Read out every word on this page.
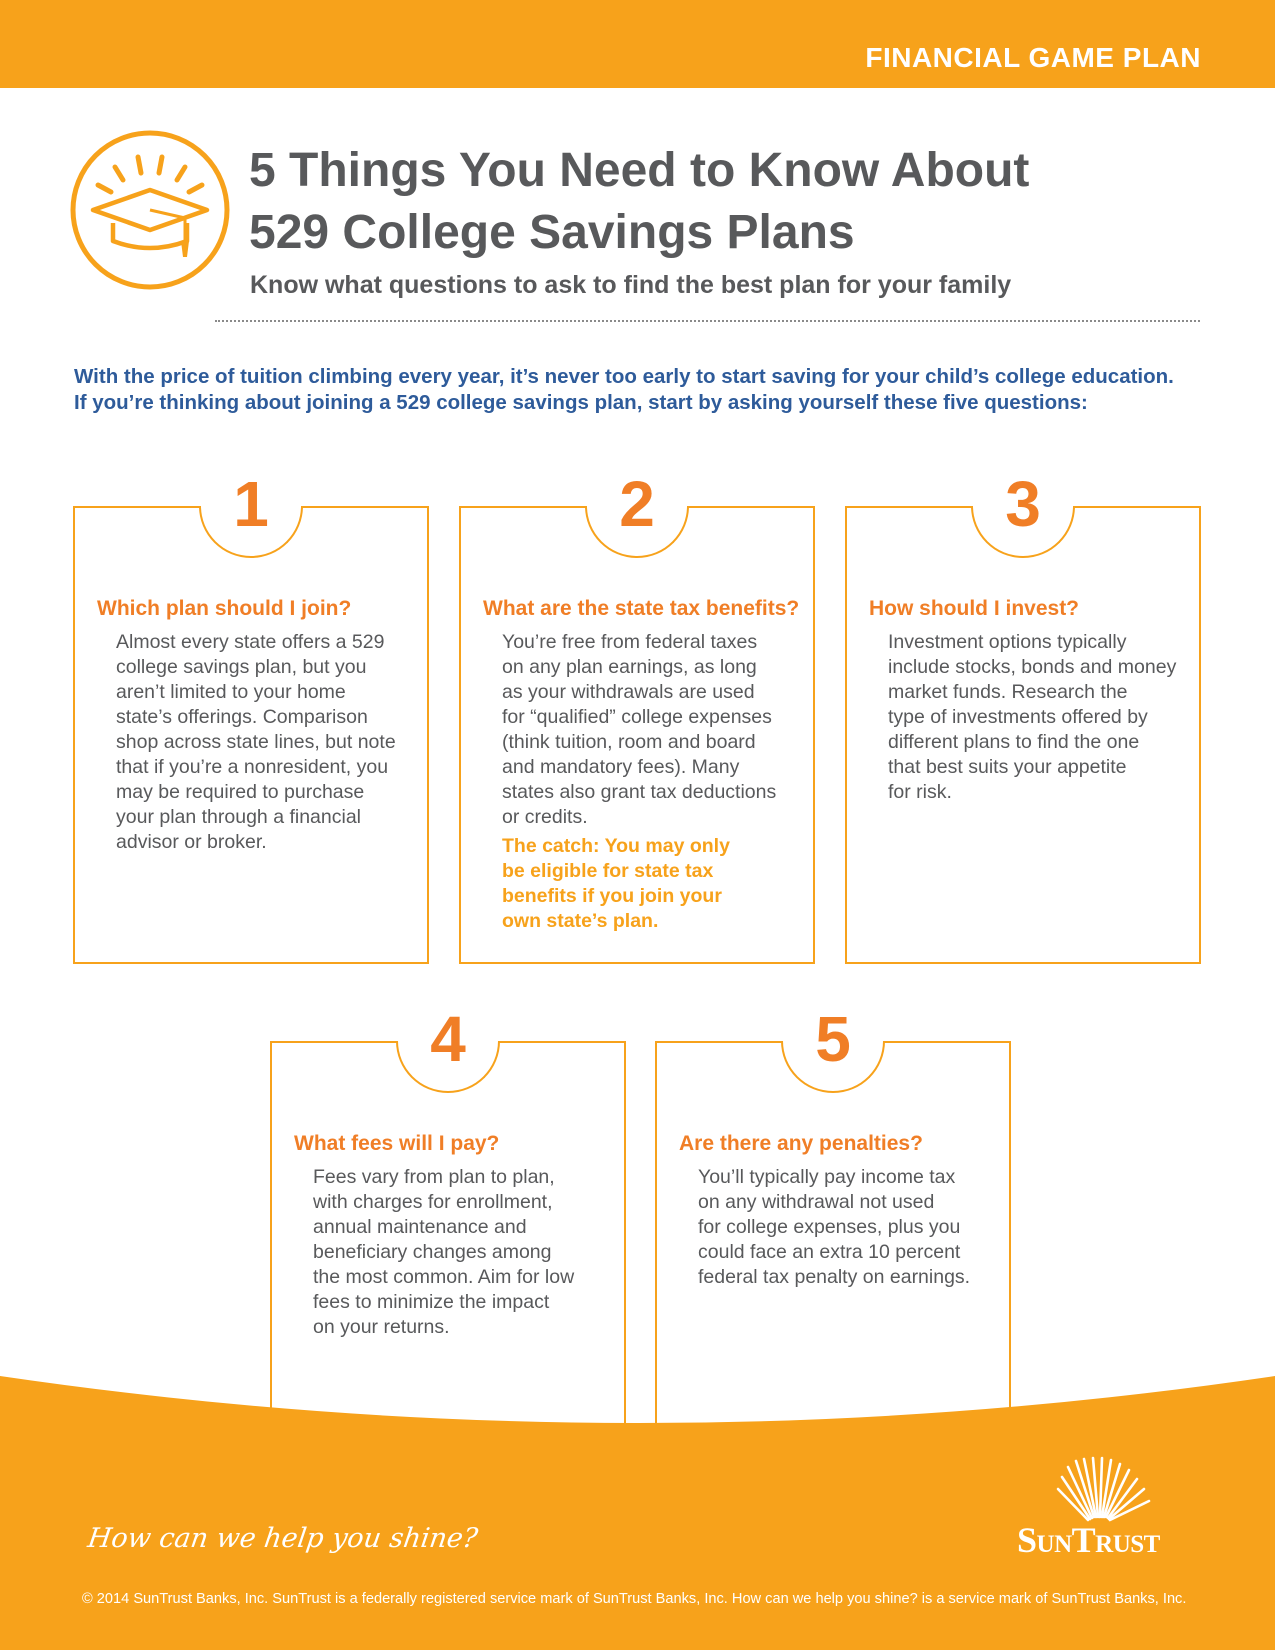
FINANCIAL GAME PLAN
5 Things You Need to Know About
529 College Savings Plans
Know what questions to ask to find the best plan for your family
With the price of tuition climbing every year, it’s never too early to start saving for your child’s college education.
If you’re thinking about joining a 529 college savings plan, start by asking yourself these five questions:
1
Which plan should I join?
Almost every state offers a 529
college savings plan, but you
aren’t limited to your home
state’s offerings. Comparison
shop across state lines, but note
that if you’re a nonresident, you
may be required to purchase
your plan through a financial
advisor or broker.
2
What are the state tax benefits?
You’re free from federal taxes
on any plan earnings, as long
as your withdrawals are used
for “qualified” college expenses
(think tuition, room and board
and mandatory fees). Many
states also grant tax deductions
or credits.
The catch: You may only
be eligible for state tax
benefits if you join your
own state’s plan.
3
How should I invest?
Investment options typically
include stocks, bonds and money
market funds. Research the
type of investments offered by
different plans to find the one
that best suits your appetite
for risk.
4
What fees will I pay?
Fees vary from plan to plan,
with charges for enrollment,
annual maintenance and
beneficiary changes among
the most common. Aim for low
fees to minimize the impact
on your returns.
5
Are there any penalties?
You’ll typically pay income tax
on any withdrawal not used
for college expenses, plus you
could face an extra 10 percent
federal tax penalty on earnings.
How can we help you shine?	SunTrust
© 2014 SunTrust Banks, Inc. SunTrust is a federally registered service mark of SunTrust Banks, Inc. How can we help you shine? is a service mark of SunTrust Banks, Inc.
